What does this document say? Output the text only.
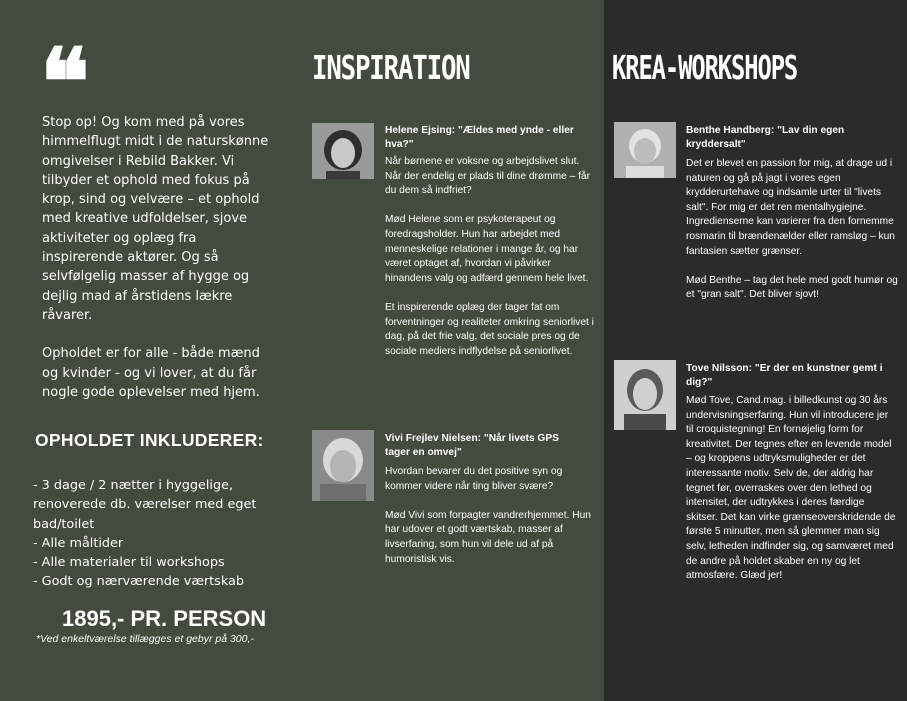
❝

Stop op! Og kom med på vores himmelflugt midt i de naturskønne omgivelser i Rebild Bakker. Vi tilbyder et ophold med fokus på krop, sind og velvære – et ophold med kreative udfoldelser, sjove aktiviteter og oplæg fra inspirerende aktører. Og så selvfølgelig masser af hygge og dejlig mad af årstidens lækre råvarer.

Opholdet er for alle - både mænd og kvinder - og vi lover, at du får nogle gode oplevelser med hjem.

OPHOLDET INKLUDERER:
- 3 dage / 2 nætter i hyggelige, renoverede db. værelser med eget bad/toilet
- Alle måltider
- Alle materialer til workshops
- Godt og nærværende værtskab
1895,- PR. PERSON
*Ved enkeltværelse tillægges et gebyr på 300,-
INSPIRATION
Helene Ejsing: "Ældes med ynde - eller hva?"

Når børnene er voksne og arbejdslivet slut. Når der endelig er plads til dine drømme – får du dem så indfriet?

Mød Helene som er psykoterapeut og foredragsholder. Hun har arbejdet med menneskelige relationer i mange år, og har været optaget af, hvordan vi påvirker hinandens valg og adfærd gennem hele livet.

Et inspirerende oplæg der tager fat om forventninger og realiteter omkring seniorlivet i dag, på det frie valg, det sociale pres og de sociale mediers indflydelse på seniorlivet.

Vivi Frejlev Nielsen: "Når livets GPS tager en omvej"

Hvordan bevarer du det positive syn og kommer videre når ting bliver svære?

Mød Vivi som forpagter vandrerhjemmet. Hun har udover et godt værtskab, masser af livserfaring, som hun vil dele ud af på humoristisk vis.

KREA-WORKSHOPS
Benthe Handberg: "Lav din egen kryddersalt"

Det er blevet en passion for mig, at drage ud i naturen og gå på jagt i vores egen krydderurtehave og indsamle urter til "livets salt". For mig er det ren mentalhygiejne. Ingredienserne kan varierer fra den fornemme rosmarin til brændenælder eller ramsløg – kun fantasien sætter grænser.

Mød Benthe – tag det hele med godt humør og et "gran salt". Det bliver sjovt!

Tove Nilsson: "Er der en kunstner gemt i dig?"

Mød Tove, Cand.mag. i billedkunst og 30 års undervisningserfaring. Hun vil introducere jer til croquistegning! En fornøjelig form for kreativitet. Der tegnes efter en levende model – og kroppens udtryksmuligheder er det interessante motiv. Selv de, der aldrig har tegnet før, overraskes over den lethed og intensitet, der udtrykkes i deres færdige skitser. Det kan virke grænseoverskridende de første 5 minutter, men så glemmer man sig selv, letheden indfinder sig, og samværet med de andre på holdet skaber en ny og let atmosfære. Glæd jer!
